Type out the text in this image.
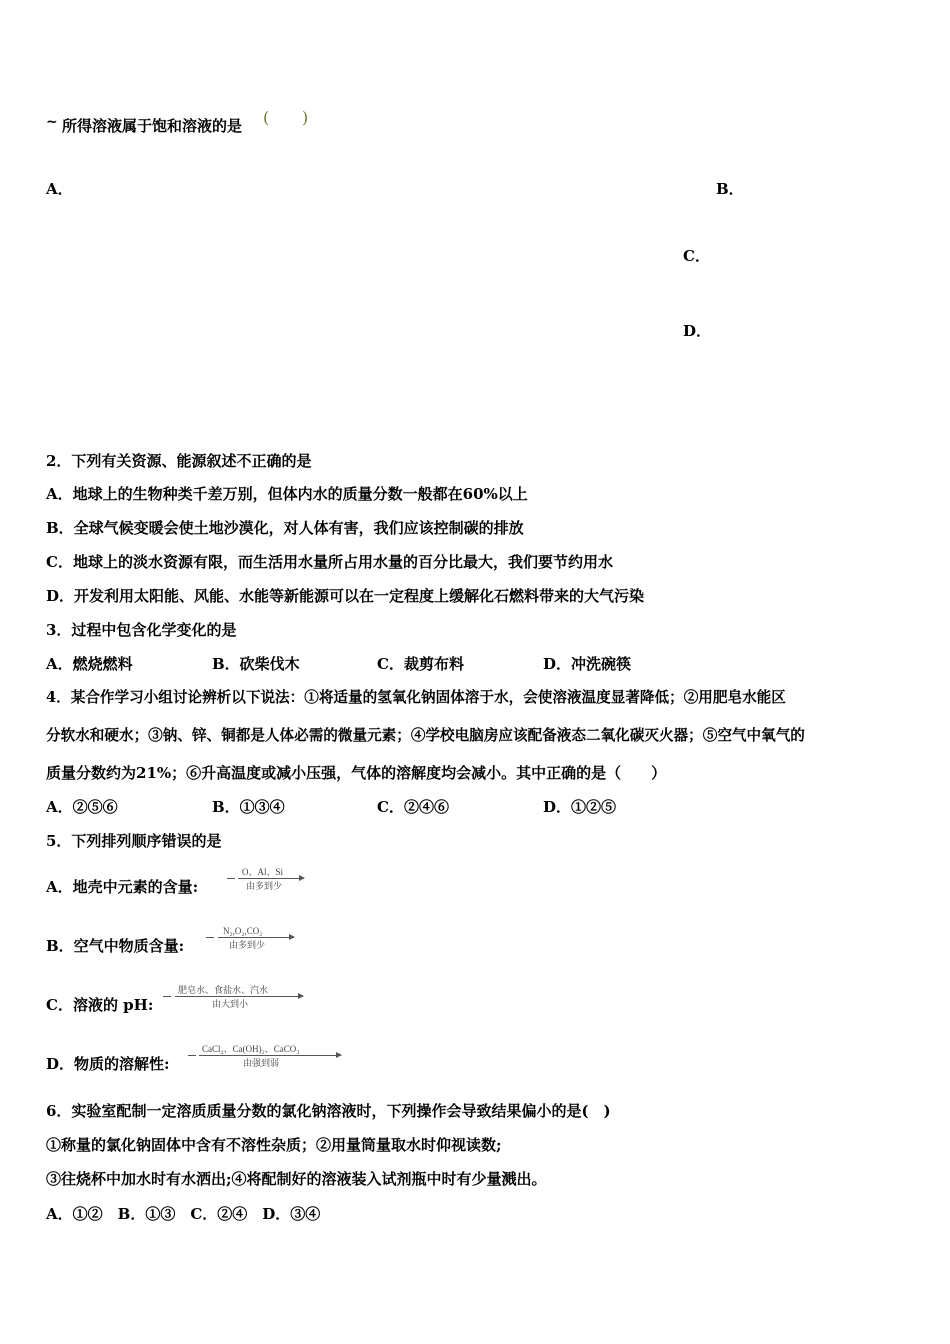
~ 所得溶液属于饱和溶液的是 ( )
A．	B．
C．
D．
2．下列有关资源、能源叙述不正确的是
A．地球上的生物种类千差万别，但体内水的质量分数一般都在60%以上
B．全球气候变暖会使土地沙漠化，对人体有害，我们应该控制碳的排放
C．地球上的淡水资源有限，而生活用水量所占用水量的百分比最大，我们要节约用水
D．开发利用太阳能、风能、水能等新能源可以在一定程度上缓解化石燃料带来的大气污染
3．过程中包含化学变化的是
A．燃烧燃料	B．砍柴伐木	C．裁剪布料	D．冲洗碗筷
4．某合作学习小组讨论辨析以下说法：①将适量的氢氧化钠固体溶于水，会使溶液温度显著降低；②用肥皂水能区
分软水和硬水；③钠、锌、铜都是人体必需的微量元素；④学校电脑房应该配备液态二氧化碳灭火器；⑤空气中氧气的
质量分数约为21%；⑥升高温度或减小压强，气体的溶解度均会减小。其中正确的是（　　）
A．②⑤⑥	B．①③④	C．②④⑥	D．①②⑤
5．下列排列顺序错误的是
A．地壳中元素的含量:
O、Al、Si
由多到少
B．空气中物质含量:
N₂,O₂,CO₂
由多到少
C．溶液的 pH:
肥皂水、食盐水、汽水
由大到小
D．物质的溶解性:
CaCl₂、Ca(OH)₂、CaCO₃
由强到弱
6．实验室配制一定溶质质量分数的氯化钠溶液时，下列操作会导致结果偏小的是(　)
①称量的氯化钠固体中含有不溶性杂质；②用量筒量取水时仰视读数;
③往烧杯中加水时有水洒出;④将配制好的溶液装入试剂瓶中时有少量溅出。
A．①②　B．①③　C．②④　D．③④
